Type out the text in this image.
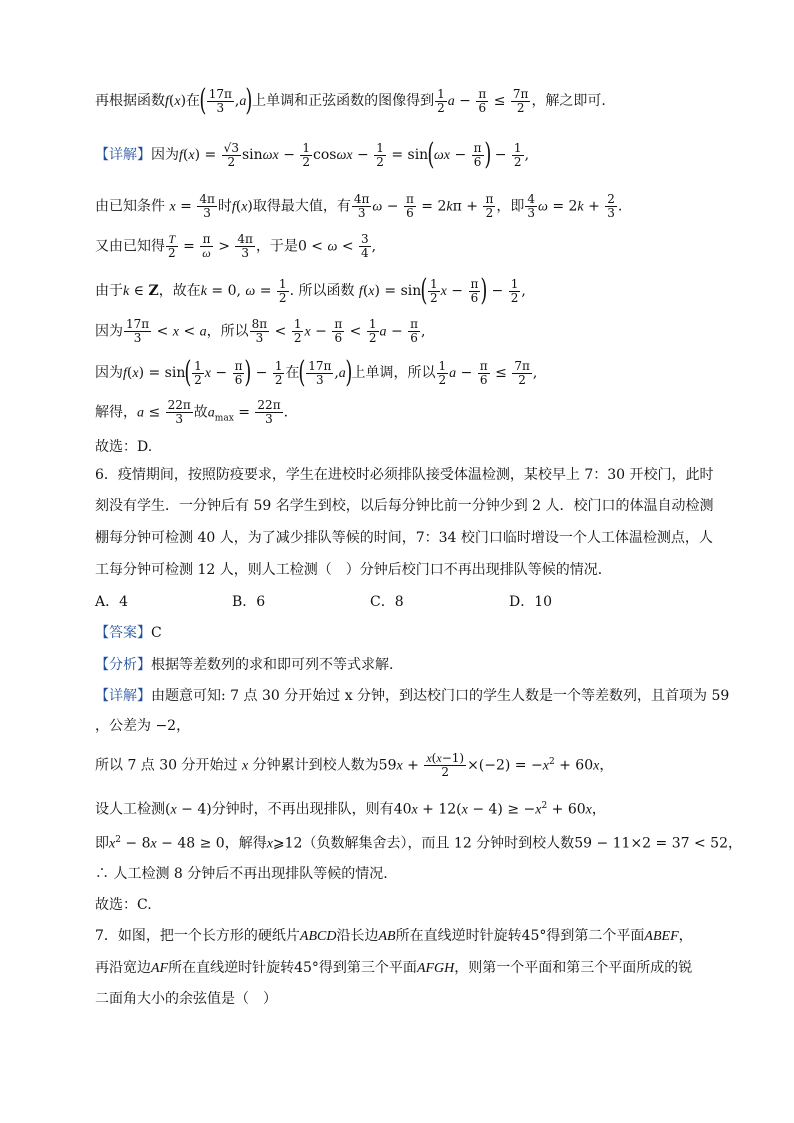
再根据函数f(x)在( $\frac{17\pi}{3} ,a$)上单调和正弦函数的图像得到 $\frac{1}{2}$ $a - \frac{\pi}{6} \le \frac{7\pi}{2}$ ，解之即可.
【详解】因为$f(x) = \frac{√3}{2}$ $\sin\omega x - \frac{1}{2}$ $\cos\omega x - \frac{1}{2} = \sin(\omega x - \frac{\pi}{6}$ ) − $\frac{1}{2}$ ,
由已知条件 $x = \frac{4\pi}{3}$ 时f(x)取得最大值，有 $\frac{4\pi}{3}$ $\omega - \frac{\pi}{6} = 2k\pi + \frac{\pi}{2}$ ，即 $\frac{4}{3}$ $\omega = 2k + \frac{2}{3}$ .
又由已知得 $\frac{T}{2} = \frac{\pi}{\omega} > \frac{4\pi}{3}$ ，于是$0 < \omega < \frac{3}{4}$ ,
由于k ∈ Z，故在k = 0, $\omega = \frac{1}{2}$ . 所以函数 $f(x) = \sin( \frac{1}{2}$ $x - \frac{\pi}{6}$ ) − $\frac{1}{2}$ ,
因为 $\frac{17\pi}{3} < x < a$，所以 $\frac{8\pi}{3} < \frac{1}{2}$ $x - \frac{\pi}{6} < \frac{1}{2}$ $a - \frac{\pi}{6}$ ,
因为$f(x) = \sin( \frac{1}{2}$ $x - \frac{\pi}{6}$ ) − $\frac{1}{2}$ 在( $\frac{17\pi}{3} ,a$)上单调，所以 $\frac{1}{2}$ $a - \frac{\pi}{6} \le \frac{7\pi}{2}$ ,
解得，$a \le \frac{22\pi}{3}$ 故$a_{max} = \frac{22\pi}{3}$ .
故选：D.
6．疫情期间，按照防疫要求，学生在进校时必须排队接受体温检测，某校早上 7：30 开校门，此时
刻没有学生．一分钟后有 59 名学生到校，以后每分钟比前一分钟少到 2 人．校门口的体温自动检测
棚每分钟可检测 40 人，为了减少排队等候的时间，7：34 校门口临时增设一个人工体温检测点，人
工每分钟可检测 12 人，则人工检测（　）分钟后校门口不再出现排队等候的情况．
A．4	B．6	C．8	D．10
【答案】C
【分析】根据等差数列的求和即可列不等式求解.
【详解】由题意可知: 7 点 30 分开始过 x 分钟，到达校门口的学生人数是一个等差数列，且首项为 59
，公差为 −2，
所以 7 点 30 分开始过 x 分钟累计到校人数为$59x + \frac{x(x-1)}{2} \times(-2) = -x^2 + 60x$，
设人工检测(x − 4)分钟时，不再出现排队，则有$40x + 12(x - 4) \ge -x^2 + 60x$，
即$x^2 - 8x - 48 \ge 0$，解得x⩾12（负数解集舍去），而且 12 分钟时到校人数59 − 11×2 = 37 < 52，
∴ 人工检测 8 分钟后不再出现排队等候的情况.
故选：C.
7．如图，把一个长方形的硬纸片ABCD沿长边AB所在直线逆时针旋转45°得到第二个平面ABEF，
再沿宽边AF所在直线逆时针旋转45°得到第三个平面AFGH，则第一个平面和第三个平面所成的锐
二面角大小的余弦值是（　）
